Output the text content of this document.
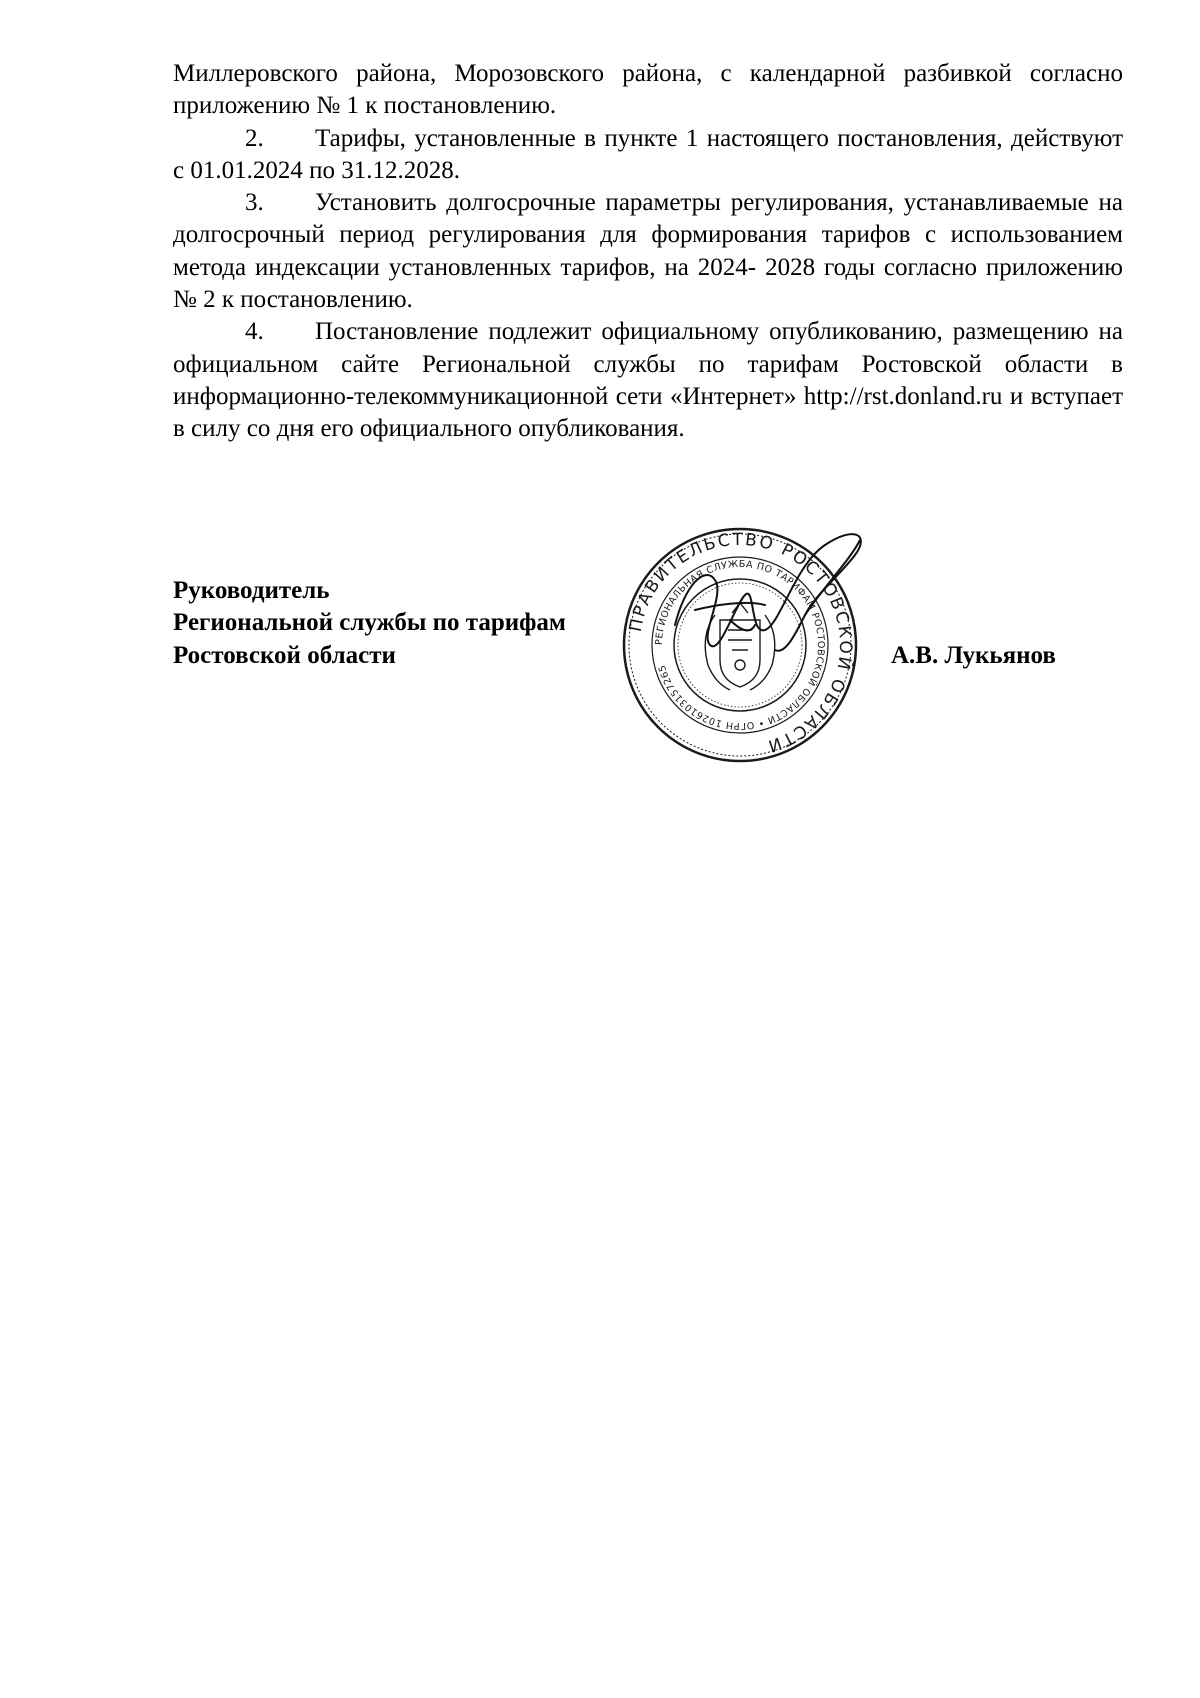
Миллеровского района, Морозовского района, с календарной разбивкой согласно приложению № 1 к постановлению.

2. Тарифы, установленные в пункте 1 настоящего постановления, действуют с 01.01.2024 по 31.12.2028.

3. Установить долгосрочные параметры регулирования, устанавливаемые на долгосрочный период регулирования для формирования тарифов с использованием метода индексации установленных тарифов, на 2024- 2028 годы согласно приложению № 2 к постановлению.

4. Постановление подлежит официальному опубликованию, размещению на официальном сайте Региональной службы по тарифам Ростовской области в информационно-телекоммуникационной сети «Интернет» http://rst.donland.ru и вступает в силу со дня его официального опубликования.

Руководитель
Региональной службы по тарифам
Ростовской области	А.В. Лукьянов
ПРАВИТЕЛЬСТВО РОСТОВСКОЙ ОБЛАСТИ
РЕГИОНАЛЬНАЯ СЛУЖБА ПО ТАРИФАМ РОСТОВСКОЙ ОБЛАСТИ • ОГРН 1026103157265
